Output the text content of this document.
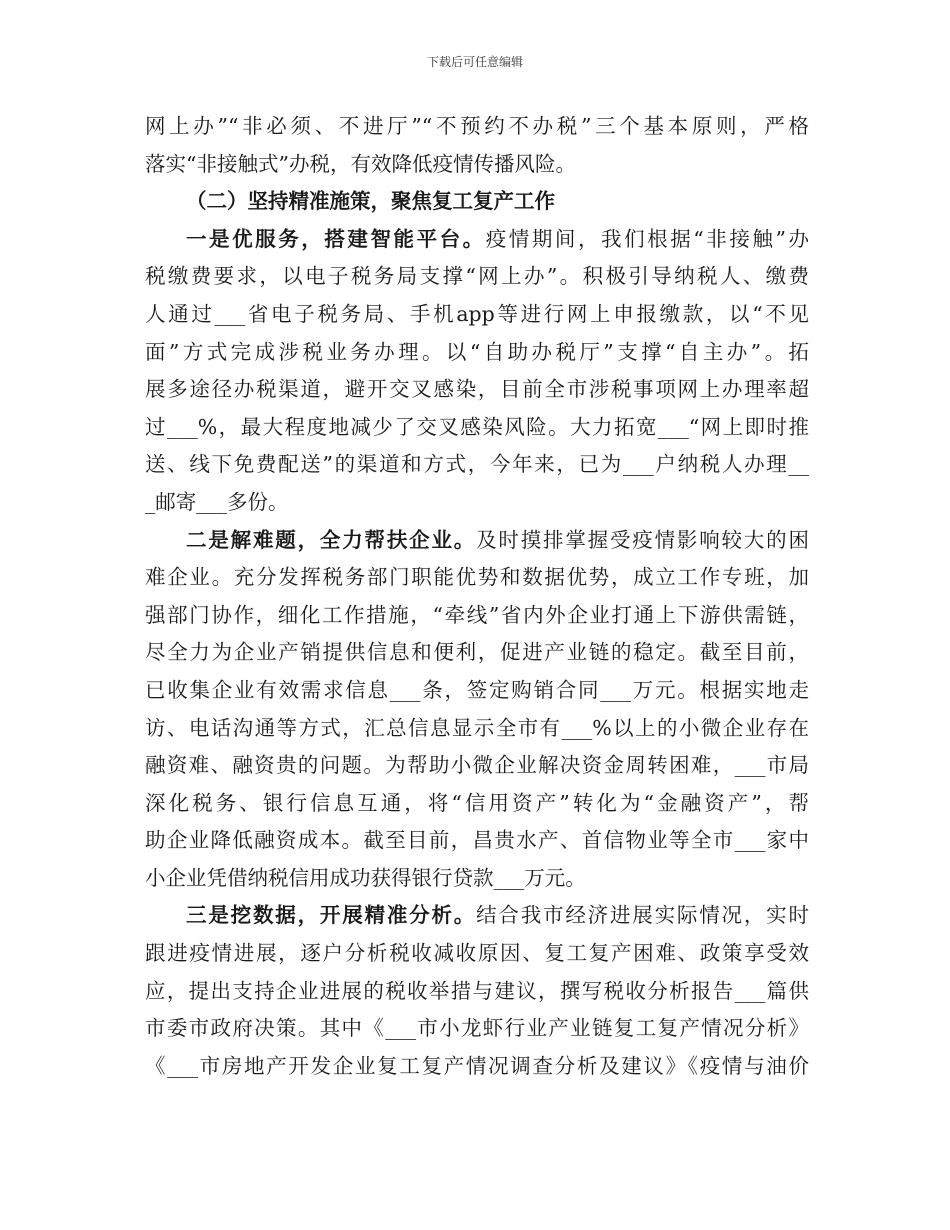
下载后可任意编辑
网上办”“非必须、不进厅”“不预约不办税”三个基本原则，严格
落实“非接触式”办税，有效降低疫情传播风险。
（二）坚持精准施策，聚焦复工复产工作
一是优服务，搭建智能平台。疫情期间，我们根据“非接触”办
税缴费要求，以电子税务局支撑“网上办”。积极引导纳税人、缴费
人通过___省电子税务局、手机app等进行网上申报缴款，以“不见
面”方式完成涉税业务办理。以“自助办税厅”支撑“自主办”。拓
展多途径办税渠道，避开交叉感染，目前全市涉税事项网上办理率超
过___%，最大程度地减少了交叉感染风险。大力拓宽___“网上即时推
送、线下免费配送”的渠道和方式，今年来，已为___户纳税人办理__
_邮寄___多份。
二是解难题，全力帮扶企业。及时摸排掌握受疫情影响较大的困
难企业。充分发挥税务部门职能优势和数据优势，成立工作专班，加
强部门协作，细化工作措施，“牵线”省内外企业打通上下游供需链，
尽全力为企业产销提供信息和便利，促进产业链的稳定。截至目前，
已收集企业有效需求信息___条，签定购销合同___万元。根据实地走
访、电话沟通等方式，汇总信息显示全市有___%以上的小微企业存在
融资难、融资贵的问题。为帮助小微企业解决资金周转困难，___市局
深化税务、银行信息互通，将“信用资产”转化为“金融资产”，帮
助企业降低融资成本。截至目前，昌贵水产、首信物业等全市___家中
小企业凭借纳税信用成功获得银行贷款___万元。
三是挖数据，开展精准分析。结合我市经济进展实际情况，实时
跟进疫情进展，逐户分析税收减收原因、复工复产困难、政策享受效
应，提出支持企业进展的税收举措与建议，撰写税收分析报告___篇供
市委市政府决策。其中《___市小龙虾行业产业链复工复产情况分析》
《___市房地产开发企业复工复产情况调查分析及建议》《疫情与油价
